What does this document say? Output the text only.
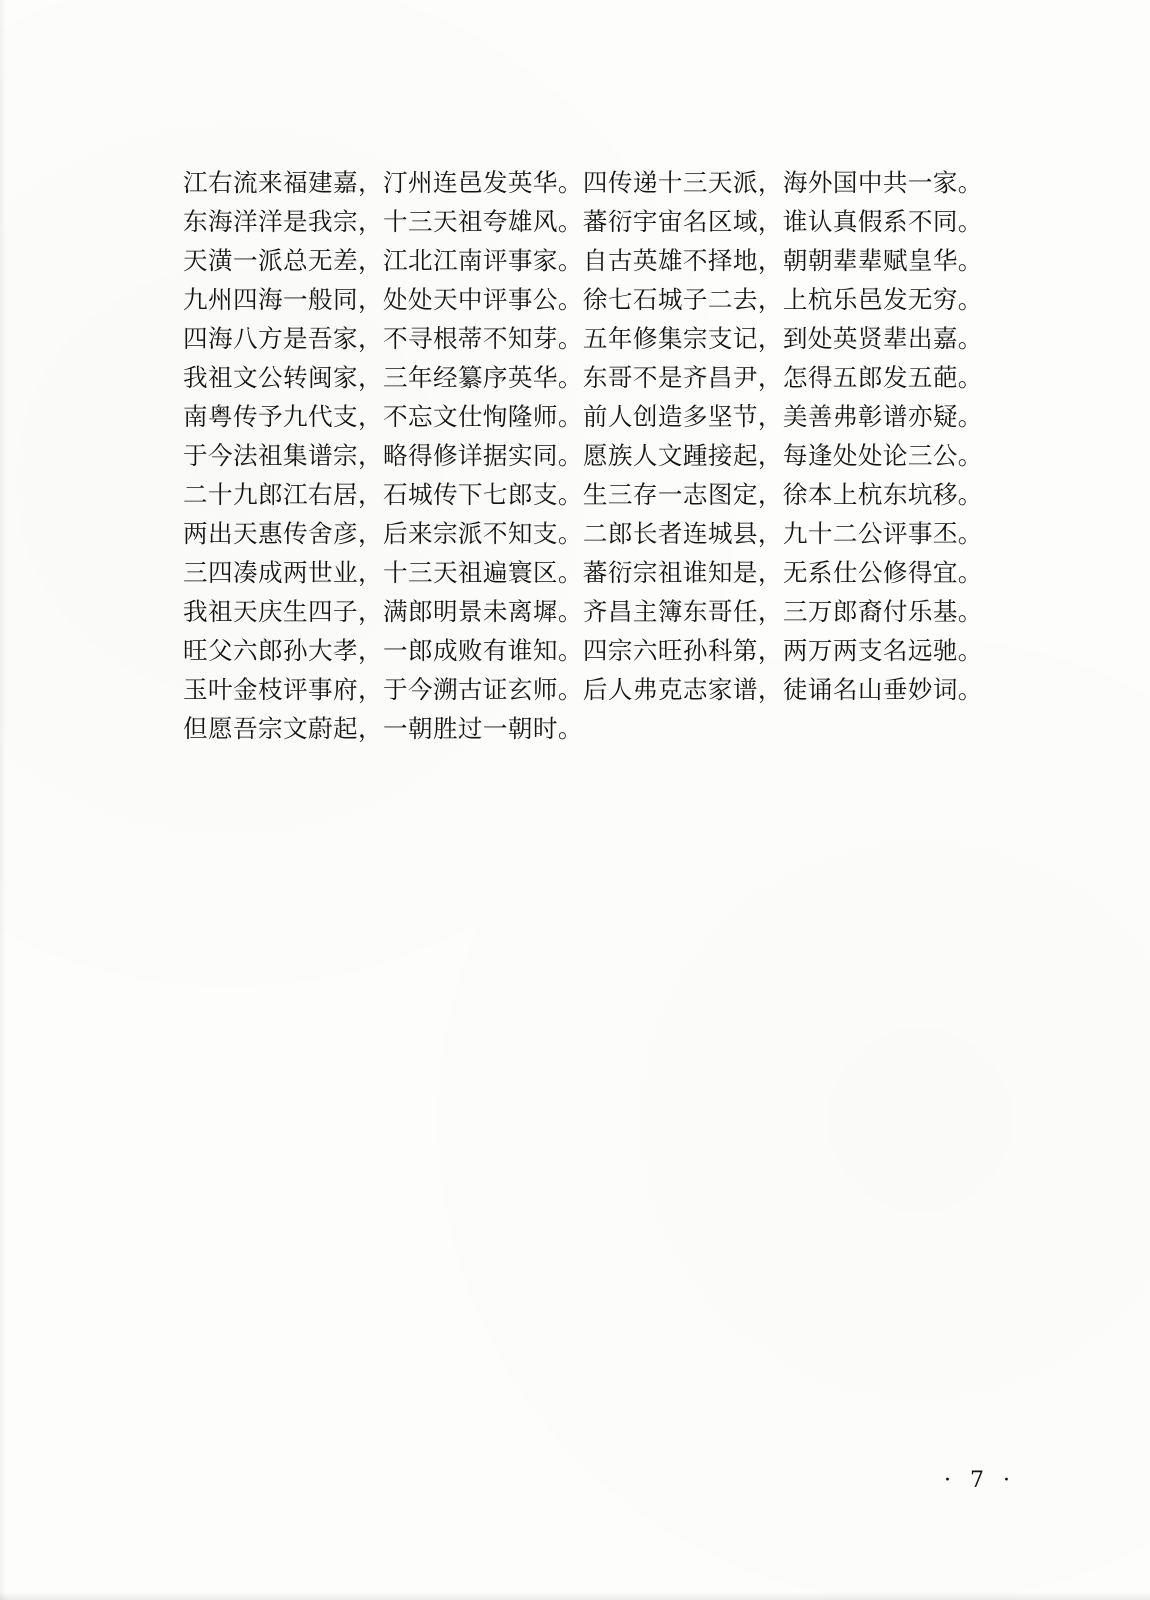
江右流来福建嘉，汀州连邑发英华。四传递十三天派，海外国中共一家。
东海洋洋是我宗，十三天祖夸雄风。蕃衍宇宙名区域，谁认真假系不同。
天潢一派总无差，江北江南评事家。自古英雄不择地，朝朝辈辈赋皇华。
九州四海一般同，处处天中评事公。徐七石城子二去，上杭乐邑发无穷。
四海八方是吾家，不寻根蒂不知芽。五年修集宗支记，到处英贤辈出嘉。
我祖文公转闽家，三年经纂序英华。东哥不是齐昌尹，怎得五郎发五葩。
南粤传予九代支，不忘文仕恂隆师。前人创造多坚节，美善弗彰谱亦疑。
于今法祖集谱宗，略得修详据实同。愿族人文踵接起，每逢处处论三公。
二十九郎江右居，石城传下七郎支。生三存一志图定，徐本上杭东坑移。
两出天惠传舍彦，后来宗派不知支。二郎长者连城县，九十二公评事丕。
三四凑成两世业，十三天祖遍寰区。蕃衍宗祖谁知是，无系仕公修得宜。
我祖天庆生四子，满郎明景未离墀。齐昌主簿东哥任，三万郎裔付乐基。
旺父六郎孙大孝，一郎成败有谁知。四宗六旺孙科第，两万两支名远驰。
玉叶金枝评事府，于今溯古证玄师。后人弗克志家谱，徒诵名山垂妙词。
但愿吾宗文蔚起，一朝胜过一朝时。
· 7 ·
